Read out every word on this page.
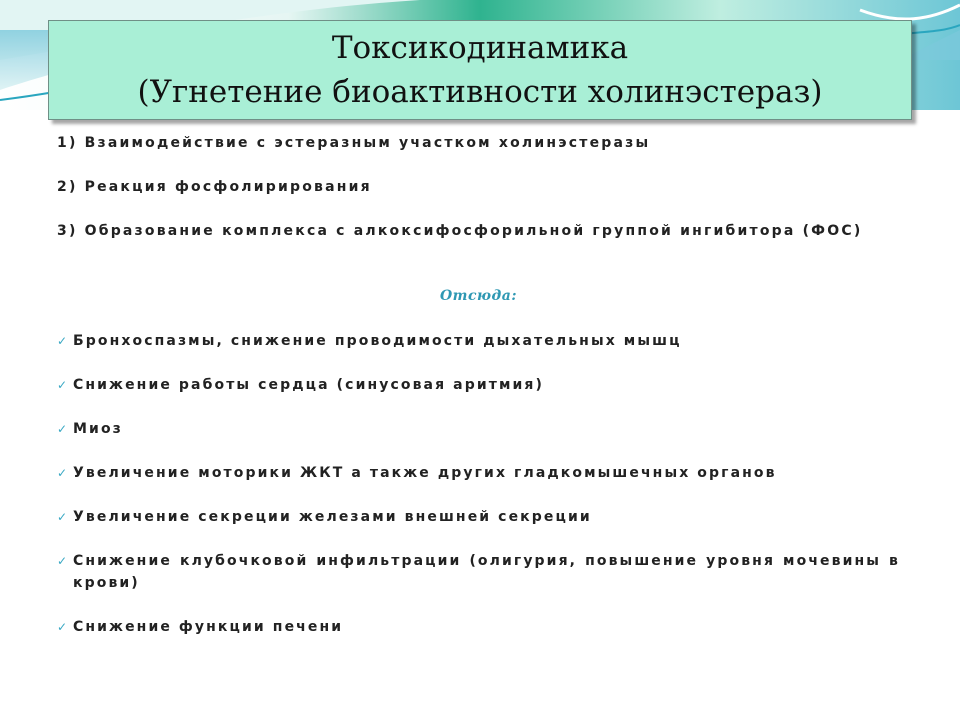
Токсикодинамика
(Угнетение биоактивности холинэстераз)

1) Взаимодействие с эстеразным участком холинэстеразы

2) Реакция фосфолирирования

3) Образование комплекса с алкоксифосфорильной группой ингибитора (ФОС)

Отсюда:
✓ Бронхоспазмы, снижение проводимости дыхательных мышц
✓ Снижение работы сердца (синусовая аритмия)
✓ Миоз
✓ Увеличение моторики ЖКТ а также других гладкомышечных органов
✓ Увеличение секреции железами внешней секреции
✓ Снижение клубочковой инфильтрации (олигурия, повышение уровня мочевины в крови)
✓ Снижение функции печени
